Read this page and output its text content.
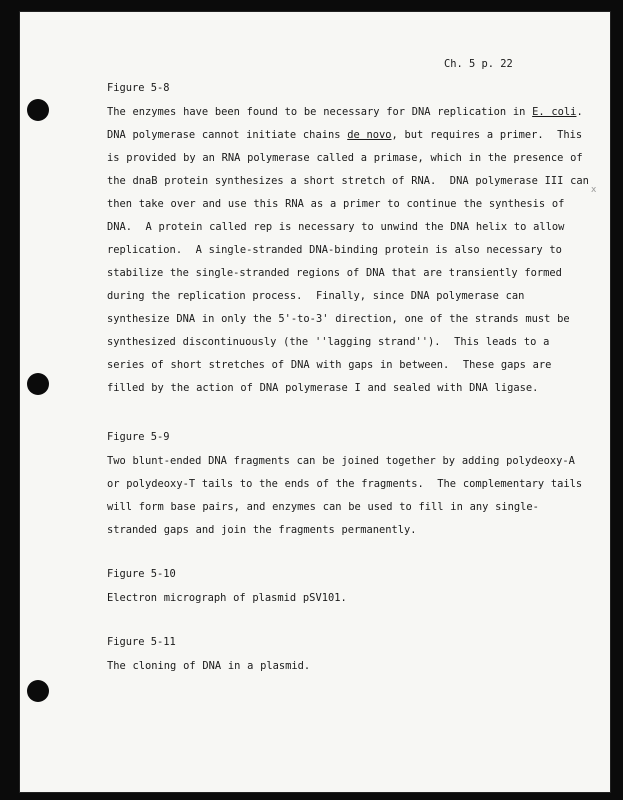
x
Ch. 5 p. 22
Figure 5-8
The enzymes have been found to be necessary for DNA replication in E. coli.
DNA polymerase cannot initiate chains de novo, but requires a primer.  This
is provided by an RNA polymerase called a primase, which in the presence of
the dnaB protein synthesizes a short stretch of RNA.  DNA polymerase III can
then take over and use this RNA as a primer to continue the synthesis of
DNA.  A protein called rep is necessary to unwind the DNA helix to allow
replication.  A single-stranded DNA-binding protein is also necessary to
stabilize the single-stranded regions of DNA that are transiently formed
during the replication process.  Finally, since DNA polymerase can
synthesize DNA in only the 5'-to-3' direction, one of the strands must be
synthesized discontinuously (the ''lagging strand'').  This leads to a
series of short stretches of DNA with gaps in between.  These gaps are
filled by the action of DNA polymerase I and sealed with DNA ligase.
Figure 5-9
Two blunt-ended DNA fragments can be joined together by adding polydeoxy-A
or polydeoxy-T tails to the ends of the fragments.  The complementary tails
will form base pairs, and enzymes can be used to fill in any single-
stranded gaps and join the fragments permanently.
Figure 5-10
Electron micrograph of plasmid pSV101.
Figure 5-11
The cloning of DNA in a plasmid.
